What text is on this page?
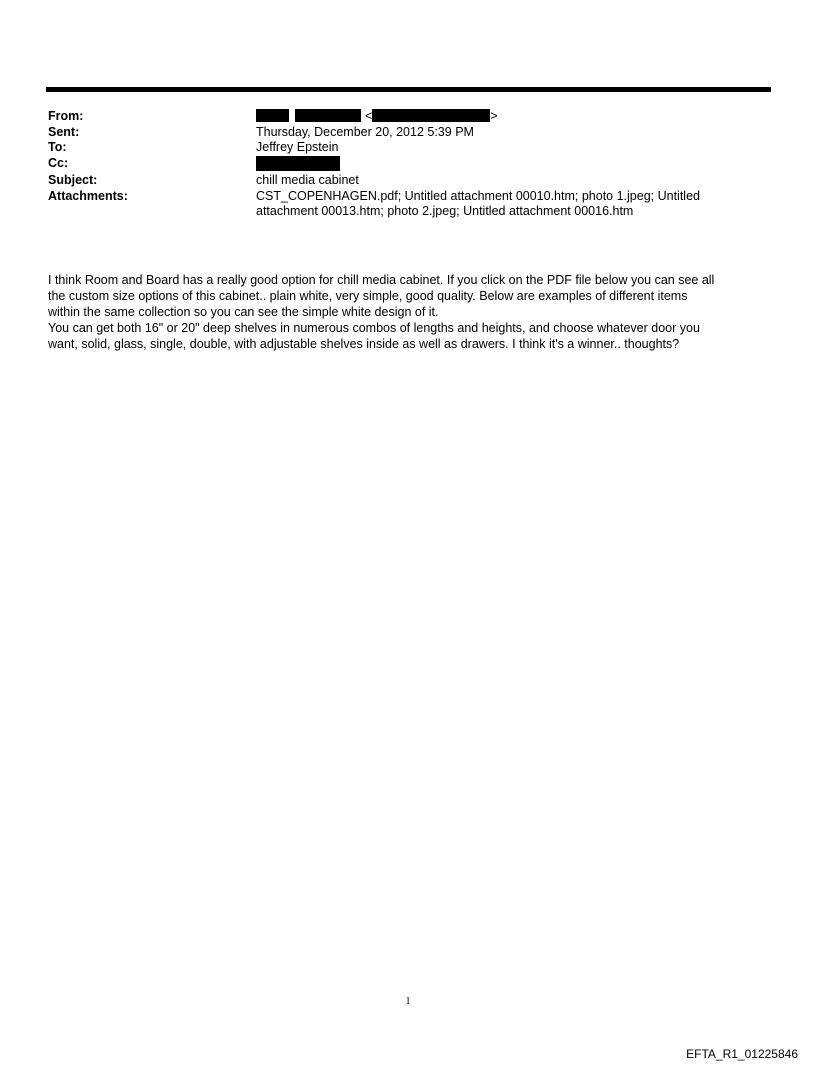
From:	<	>
Sent:	Thursday, December 20, 2012 5:39 PM
To:	Jeffrey Epstein
Cc:
Subject:	chill media cabinet
Attachments:	CST_COPENHAGEN.pdf; Untitled attachment 00010.htm; photo 1.jpeg; Untitled
attachment 00013.htm; photo 2.jpeg; Untitled attachment 00016.htm

I think Room and Board has a really good option for chill media cabinet. If you click on the PDF file below you can see all

the custom size options of this cabinet.. plain white, very simple, good quality. Below are examples of different items

within the same collection so you can see the simple white design of it.

You can get both 16" or 20" deep shelves in numerous combos of lengths and heights, and choose whatever door you

want, solid, glass, single, double, with adjustable shelves inside as well as drawers. I think it's a winner.. thoughts?

1
EFTA_R1_01225846
